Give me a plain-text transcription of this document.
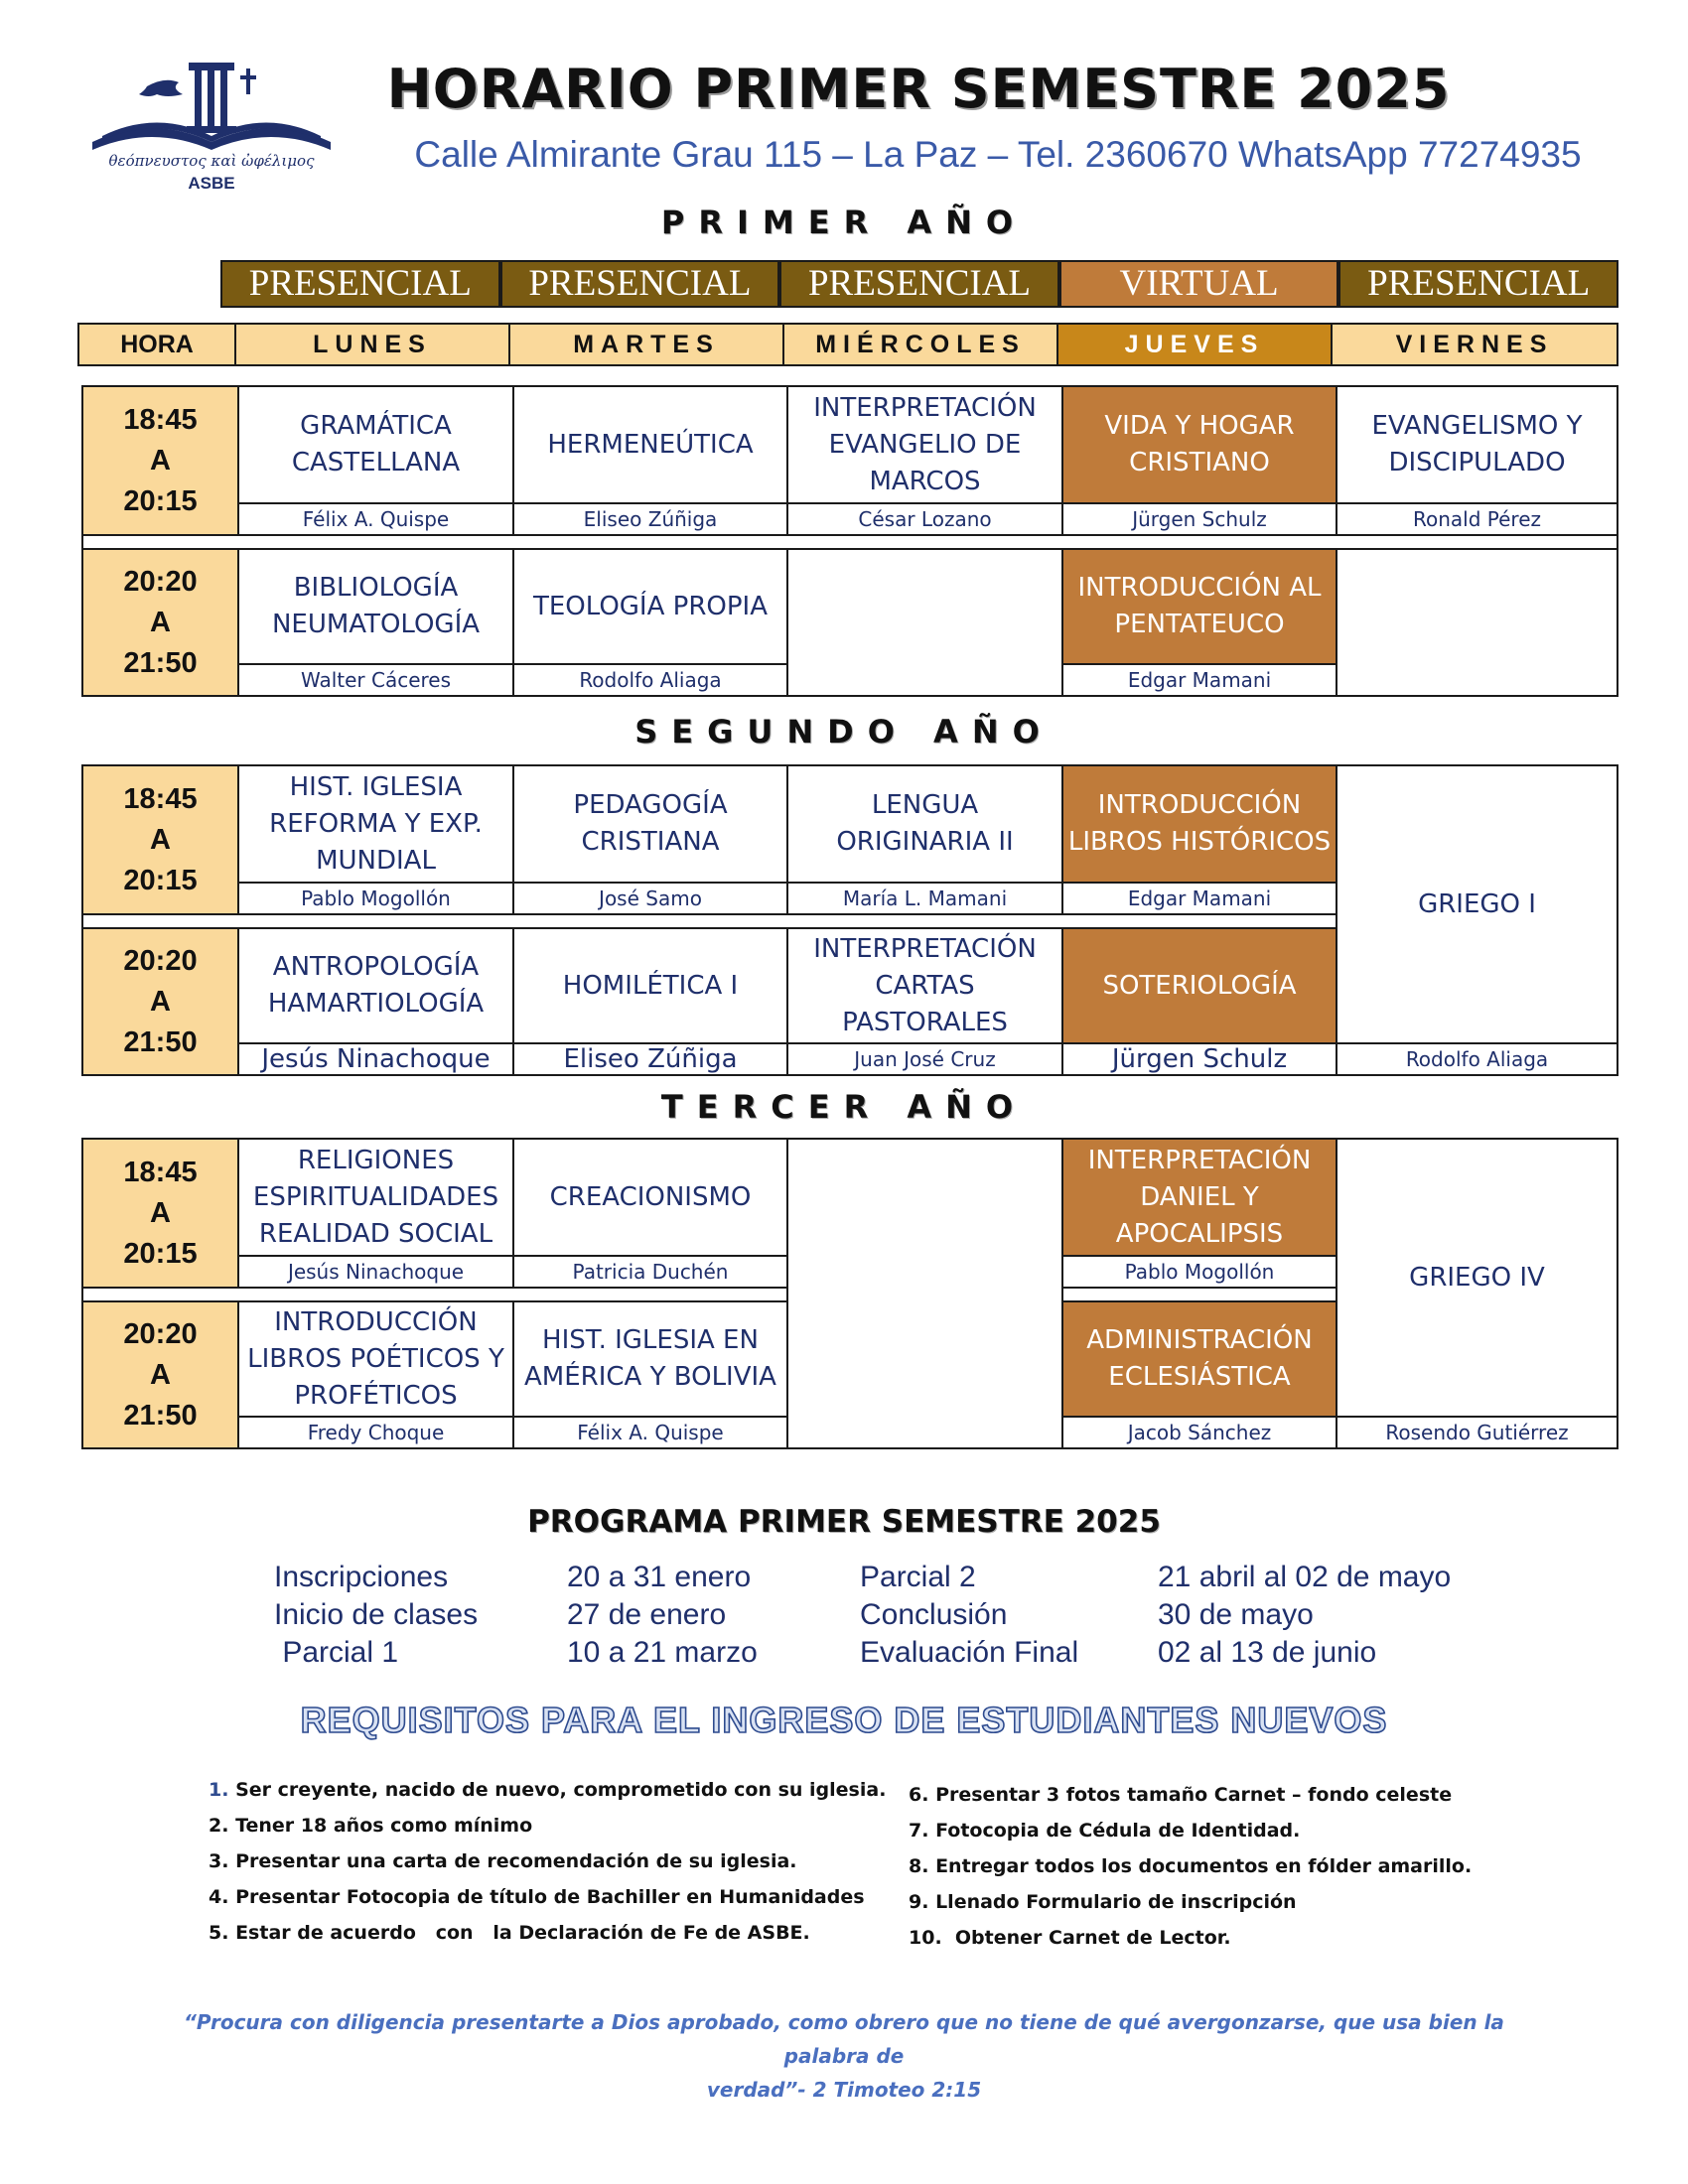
θεόπνευστος καὶ ὠφέλιμος
ASBE
HORARIO PRIMER SEMESTRE 2025
Calle Almirante Grau 115 – La Paz – Tel. 2360670 WhatsApp 77274935
PRIMER AÑO
PRESENCIAL	PRESENCIAL	PRESENCIAL	VIRTUAL	PRESENCIAL
HORA	LUNES	MARTES	MIÉRCOLES	JUEVES	VIERNES
18:45
A
20:15	GRAMÁTICA CASTELLANA	HERMENEÚTICA	INTERPRETACIÓN EVANGELIO DE MARCOS	VIDA Y HOGAR CRISTIANO	EVANGELISMO Y DISCIPULADO
	Félix A. Quispe	Eliseo Zúñiga	César Lozano	Jürgen Schulz	Ronald Pérez

20:20
A
21:50	BIBLIOLOGÍA NEUMATOLOGÍA	TEOLOGÍA PROPIA		INTRODUCCIÓN AL PENTATEUCO	
	Walter Cáceres	Rodolfo Aliaga		Edgar Mamani	
SEGUNDO AÑO
18:45
A
20:15	HIST. IGLESIA REFORMA Y EXP. MUNDIAL	PEDAGOGÍA CRISTIANA	LENGUA ORIGINARIA II	INTRODUCCIÓN LIBROS HISTÓRICOS	GRIEGO I
	Pablo Mogollón	José Samo	María L. Mamani	Edgar Mamani	

20:20
A
21:50	ANTROPOLOGÍA HAMARTIOLOGÍA	HOMILÉTICA I	INTERPRETACIÓN CARTAS PASTORALES	SOTERIOLOGÍA	
	Jesús Ninachoque	Eliseo Zúñiga	Juan José Cruz	Jürgen Schulz	Rodolfo Aliaga
TERCER AÑO
18:45
A
20:15	RELIGIONES ESPIRITUALIDADES REALIDAD SOCIAL	CREACIONISMO		INTERPRETACIÓN DANIEL Y APOCALIPSIS	GRIEGO IV
	Jesús Ninachoque	Patricia Duchén		Pablo Mogollón	

20:20
A
21:50	INTRODUCCIÓN LIBROS POÉTICOS Y PROFÉTICOS	HIST. IGLESIA EN AMÉRICA Y BOLIVIA		ADMINISTRACIÓN ECLESIÁSTICA	

	Fredy Choque	Félix A. Quispe		Jacob Sánchez	Rosendo Gutiérrez
PROGRAMA PRIMER SEMESTRE 2025
Inscripciones	20 a 31 enero	Parcial 2	21 abril al 02 de mayo
Inicio de clases	27 de enero	Conclusión	30 de mayo
Parcial 1	10 a 21 marzo	Evaluación Final	02 al 13 de junio
REQUISITOS PARA EL INGRESO DE ESTUDIANTES NUEVOS
1. Ser creyente, nacido de nuevo, comprometido con su iglesia.
2. Tener 18 años como mínimo
3. Presentar una carta de recomendación de su iglesia.
4. Presentar Fotocopia de título de Bachiller en Humanidades
5. Estar de acuerdo   con   la Declaración de Fe de ASBE.
6. Presentar 3 fotos tamaño Carnet – fondo celeste
7. Fotocopia de Cédula de Identidad.
8. Entregar todos los documentos en fólder amarillo.
9. Llenado Formulario de inscripción
10.  Obtener Carnet de Lector.
“Procura con diligencia presentarte a Dios aprobado, como obrero que no tiene de qué avergonzarse, que usa bien la palabra de
verdad”- 2 Timoteo 2:15
